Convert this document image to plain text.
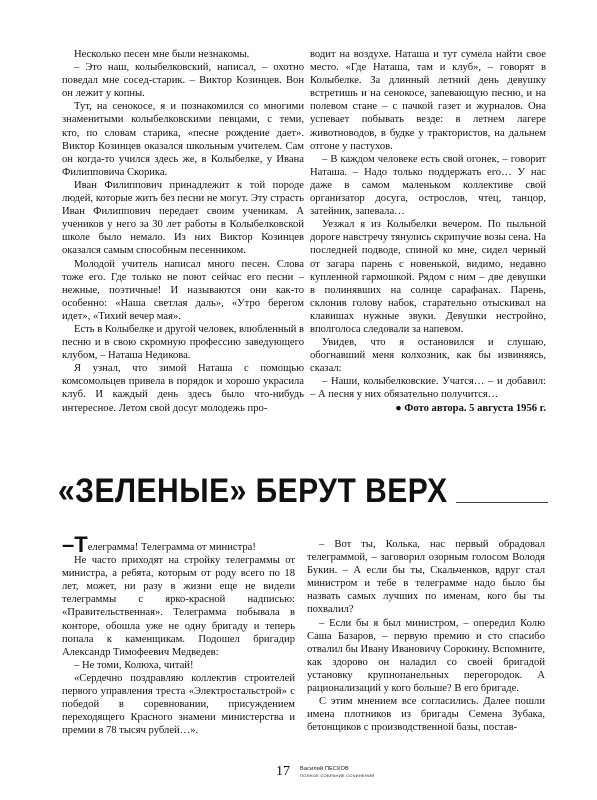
Несколько песен мне были незнакомы.

– Это наш, колыбелковский, написал, – охотно поведал мне сосед-старик. – Виктор Козинцев. Вон он лежит у копны.

Тут, на сенокосе, я и познакомился со многими знаменитыми колыбелковскими певцами, с теми, кто, по словам старика, «песне рождение дает». Виктор Козинцев оказался школьным учителем. Сам он когда-то учился здесь же, в Колыбелке, у Ивана Филипповича Скорика.

Иван Филиппович принадлежит к той породе людей, которые жить без песни не могут. Эту страсть Иван Филиппович передает своим ученикам. А учеников у него за 30 лет работы в Колыбелковской школе было немало. Из них Виктор Козинцев оказался самым способным песенником.

Молодой учитель написал много песен. Слова тоже его. Где только не поют сейчас его песни – нежные, поэтичные! И называются они как-то особенно: «Наша светлая даль», «Утро берегом идет», «Тихий вечер мая».

Есть в Колыбелке и другой человек, влюбленный в песню и в свою скромную профессию заведующего клубом, – Наташа Недикова.

Я узнал, что зимой Наташа с помощью комсомольцев привела в порядок и хорошо украсила клуб. И каждый день здесь было что-нибудь интересное. Летом свой досуг молодежь про-

водит на воздухе. Наташа и тут сумела найти свое место. «Где Наташа, там и клуб», – говорят в Колыбелке. За длинный летний день девушку встретишь и на сенокосе, запевающую песню, и на полевом стане – с пачкой газет и журналов. Она успевает побывать везде: в летнем лагере животноводов, в будке у трактористов, на дальнем отгоне у пастухов.

– В каждом человеке есть свой огонек, – говорит Наташа. – Надо только поддержать его… У нас даже в самом маленьком коллективе свой организатор досуга, острослов, чтец, танцор, затейник, запевала…

Уезжал я из Колыбелки вечером. По пыльной дороге навстречу тянулись скрипучие возы сена. На последней подводе, спиной ко мне, сидел черный от загара парень с новенькой, видимо, недавно купленной гармошкой. Рядом с ним – две девушки в полинявших на солнце сарафанах. Парень, склонив голову набок, старательно отыскивал на клавишах нужные звуки. Девушки нестройно, вполголоса следовали за напевом.

Увидев, что я остановился и слушаю, обогнавший меня колхозник, как бы извиняясь, сказал:

– Наши, колыбелковские. Учатся… – и добавил: – А песня у них обязательно получится…

● Фото автора. 5 августа 1956 г.

«ЗЕЛЕНЫЕ» БЕРУТ ВЕРХ

–Телеграмма! Телеграмма от министра!

Не часто приходят на стройку телеграммы от министра, а ребята, которым от роду всего по 18 лет, может, ни разу в жизни еще не видели телеграммы с ярко-красной надписью: «Правительственная». Телеграмма побывала в конторе, обошла уже не одну бригаду и теперь попала к каменщикам. Подошел бригадир Александр Тимофеевич Медведев:

– Не томи, Колюха, читай!

«Сердечно поздравляю коллектив строителей первого управления треста «Электростальстрой» с победой в соревновании, присуждением переходящего Красного знамени министерства и премии в 78 тысяч рублей…».

– Вот ты, Колька, нас первый обрадовал телеграммой, – заговорил озорным голосом Володя Букин. – А если бы ты, Скальченков, вдруг стал министром и тебе в телеграмме надо было бы назвать самых лучших по именам, кого бы ты похвалил?

– Если бы я был министром, – опередил Колю Саша Базаров, – первую премию и сто спасибо отвалил бы Ивану Ивановичу Сорокину. Вспомните, как здорово он наладил со своей бригадой установку крупнопанельных перегородок. А рационализаций у кого больше? В его бригаде.

С этим мнением все согласились. Далее пошли имена плотников из бригады Семена Зубака, бетонщиков с производственной базы, постав-

17 Василий ПЕСКОВ
ПОЛНОЕ СОБРАНИЕ СОЧИНЕНИЙ
